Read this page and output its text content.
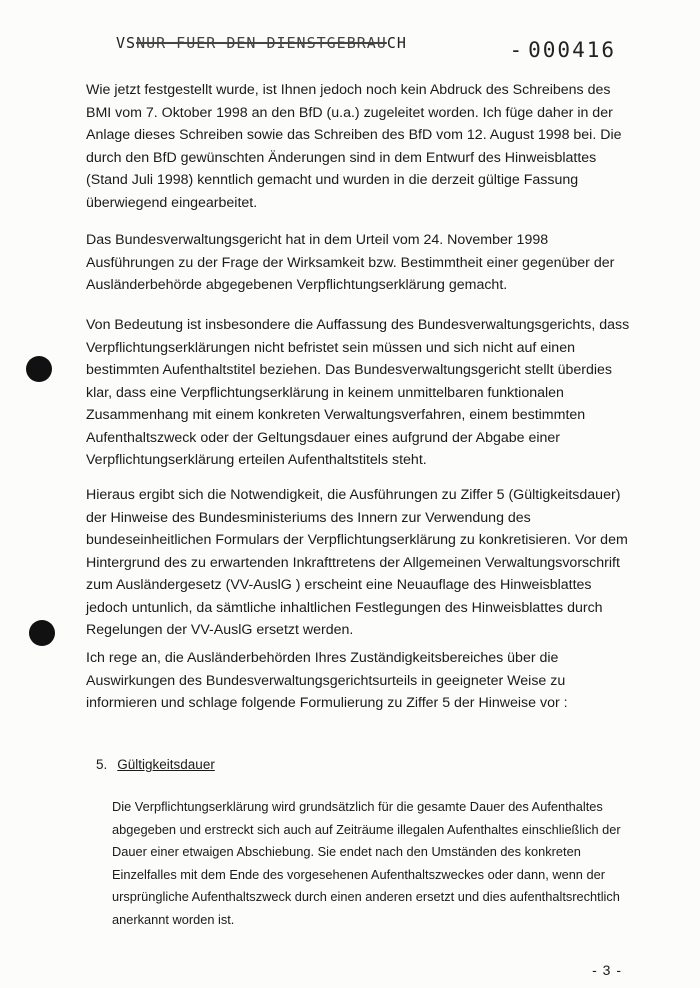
VSNUR FUER DEN DIENSTGEBRAUCH	- 000416

Wie jetzt festgestellt wurde, ist Ihnen jedoch noch kein Abdruck des Schreibens des BMI vom 7. Oktober 1998 an den BfD (u.a.) zugeleitet worden. Ich füge daher in der Anlage dieses Schreiben sowie das Schreiben des BfD vom 12. August 1998 bei. Die durch den BfD gewünschten Änderungen sind in dem Entwurf des Hinweisblattes (Stand Juli 1998) kenntlich gemacht und wurden in die derzeit gültige Fassung überwiegend eingearbeitet.

Das Bundesverwaltungsgericht hat in dem Urteil vom 24. November 1998 Ausführungen zu der Frage der Wirksamkeit bzw. Bestimmtheit einer gegenüber der Ausländerbehörde abgegebenen Verpflichtungserklärung gemacht.

Von Bedeutung ist insbesondere die Auffassung des Bundesverwaltungsgerichts, dass Verpflichtungserklärungen nicht befristet sein müssen und sich nicht auf einen bestimmten Aufenthaltstitel beziehen. Das Bundesverwaltungsgericht stellt überdies klar, dass eine Verpflichtungserklärung in keinem unmittelbaren funktionalen Zusammenhang mit einem konkreten Verwaltungsverfahren, einem bestimmten Aufenthaltszweck oder der Geltungsdauer eines aufgrund der Abgabe einer Verpflichtungserklärung erteilen Aufenthaltstitels steht.

Hieraus ergibt sich die Notwendigkeit, die Ausführungen zu Ziffer 5 (Gültigkeitsdauer) der Hinweise des Bundesministeriums des Innern zur Verwendung des bundeseinheitlichen Formulars der Verpflichtungserklärung zu konkretisieren. Vor dem Hintergrund des zu erwartenden Inkrafttretens der Allgemeinen Verwaltungsvorschrift zum Ausländergesetz (VV-AuslG ) erscheint eine Neuauflage des Hinweisblattes jedoch untunlich, da sämtliche inhaltlichen Festlegungen des Hinweisblattes durch Regelungen der VV-AuslG ersetzt werden.

Ich rege an, die Ausländerbehörden Ihres Zuständigkeitsbereiches über die Auswirkungen des Bundesverwaltungsgerichtsurteils in geeigneter Weise zu informieren und schlage folgende Formulierung zu Ziffer 5 der Hinweise vor :

5. Gültigkeitsdauer

Die Verpflichtungserklärung wird grundsätzlich für die gesamte Dauer des Aufenthaltes abgegeben und erstreckt sich auch auf Zeiträume illegalen Aufenthaltes einschließlich der Dauer einer etwaigen Abschiebung. Sie endet nach den Umständen des konkreten Einzelfalles mit dem Ende des vorgesehenen Aufenthaltszweckes oder dann, wenn der ursprüngliche Aufenthaltszweck durch einen anderen ersetzt und dies aufenthaltsrechtlich anerkannt worden ist.

- 3 -
